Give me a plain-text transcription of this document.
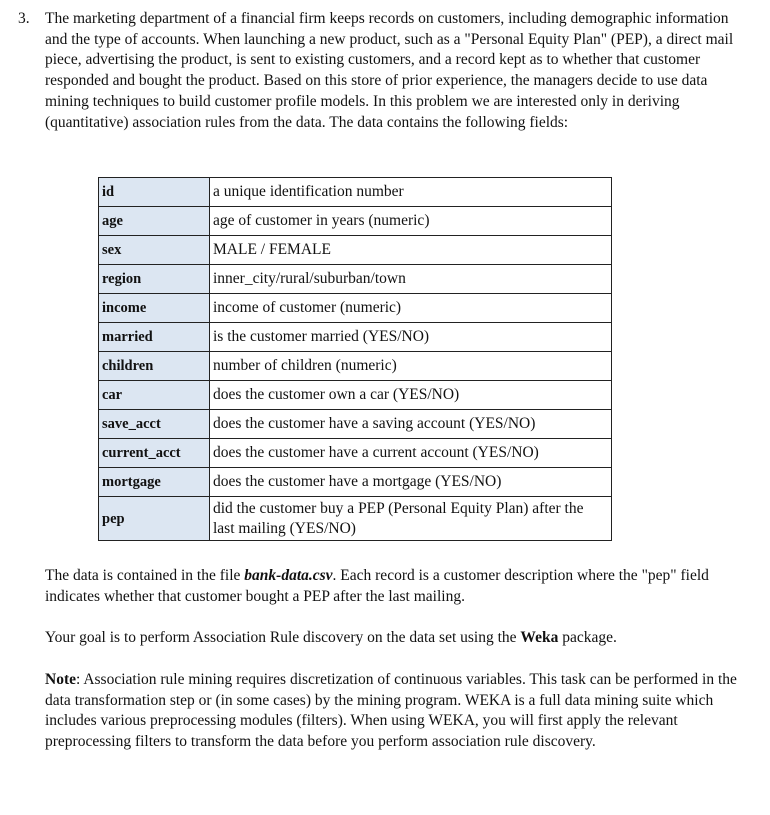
3. The marketing department of a financial firm keeps records on customers, including demographic information and the type of accounts. When launching a new product, such as a "Personal Equity Plan" (PEP), a direct mail piece, advertising the product, is sent to existing customers, and a record kept as to whether that customer responded and bought the product. Based on this store of prior experience, the managers decide to use data mining techniques to build customer profile models. In this problem we are interested only in deriving (quantitative) association rules from the data. The data contains the following fields:

id	a unique identification number
age	age of customer in years (numeric)
sex	MALE / FEMALE
region	inner_city/rural/suburban/town
income	income of customer (numeric)
married	is the customer married (YES/NO)
children	number of children (numeric)
car	does the customer own a car (YES/NO)
save_acct	does the customer have a saving account (YES/NO)
current_acct	does the customer have a current account (YES/NO)
mortgage	does the customer have a mortgage (YES/NO)
pep	did the customer buy a PEP (Personal Equity Plan) after the last mailing (YES/NO)

The data is contained in the file bank-data.csv. Each record is a customer description where the "pep" field indicates whether that customer bought a PEP after the last mailing.

Your goal is to perform Association Rule discovery on the data set using the Weka package.

Note: Association rule mining requires discretization of continuous variables. This task can be performed in the data transformation step or (in some cases) by the mining program. WEKA is a full data mining suite which includes various preprocessing modules (filters). When using WEKA, you will first apply the relevant preprocessing filters to transform the data before you perform association rule discovery.
